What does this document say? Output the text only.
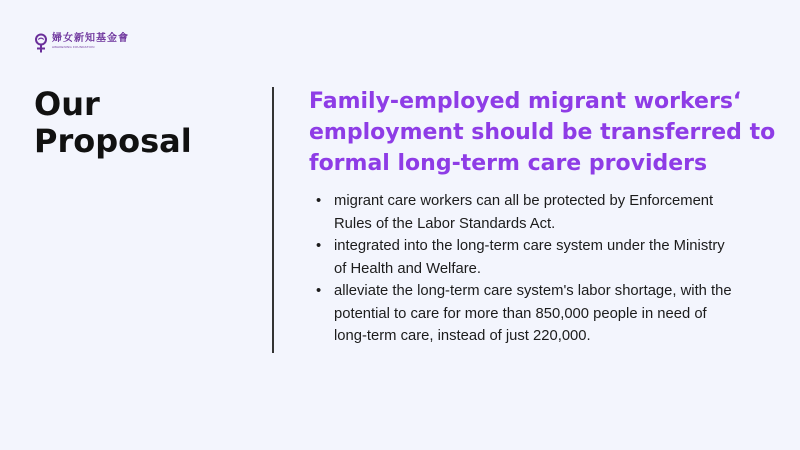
婦女新知基金會
AWAKENING FOUNDATION
Our
Proposal
Family-employed migrant workers‘
employment should be transferred to
formal long-term care providers
• migrant care workers can all be protected by Enforcement
Rules of the Labor Standards Act.
• integrated into the long-term care system under the Ministry
of Health and Welfare.
• alleviate the long-term care system's labor shortage, with the
potential to care for more than 850,000 people in need of
long-term care, instead of just 220,000.
